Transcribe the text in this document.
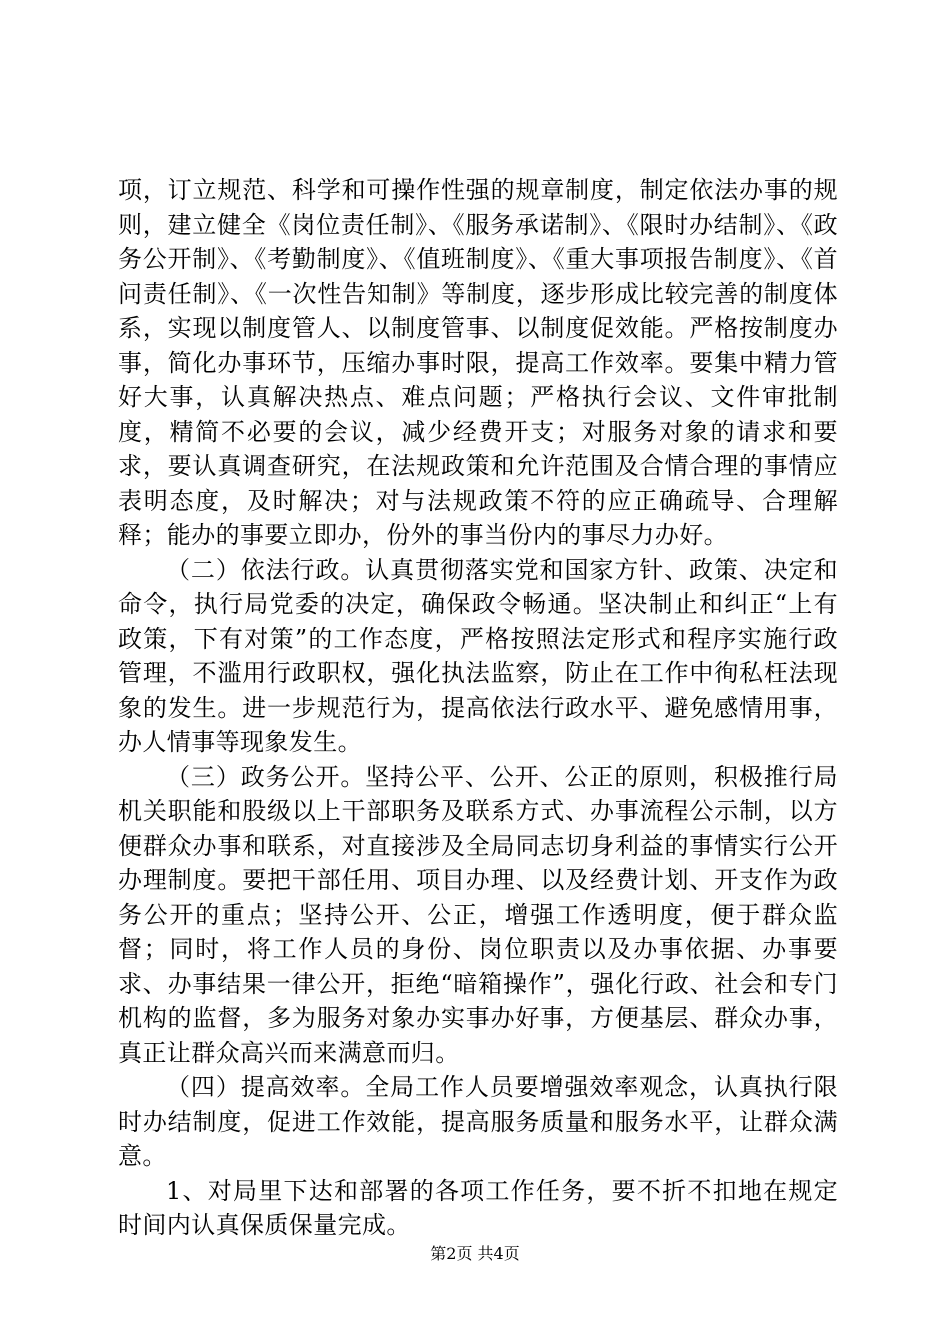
项，订立规范、科学和可操作性强的规章制度，制定依法办事的规则，建立健全《岗位责任制》、《服务承诺制》、《限时办结制》、《政务公开制》、《考勤制度》、《值班制度》、《重大事项报告制度》、《首问责任制》、《一次性告知制》等制度，逐步形成比较完善的制度体系，实现以制度管人、以制度管事、以制度促效能。严格按制度办事，简化办事环节，压缩办事时限，提高工作效率。要集中精力管好大事，认真解决热点、难点问题；严格执行会议、文件审批制度，精简不必要的会议，减少经费开支；对服务对象的请求和要求，要认真调查研究，在法规政策和允许范围及合情合理的事情应表明态度，及时解决；对与法规政策不符的应正确疏导、合理解释；能办的事要立即办，份外的事当份内的事尽力办好。

（二）依法行政。认真贯彻落实党和国家方针、政策、决定和命令，执行局党委的决定，确保政令畅通。坚决制止和纠正“上有政策，下有对策”的工作态度，严格按照法定形式和程序实施行政管理，不滥用行政职权，强化执法监察，防止在工作中徇私枉法现象的发生。进一步规范行为，提高依法行政水平、避免感情用事，办人情事等现象发生。

（三）政务公开。坚持公平、公开、公正的原则，积极推行局机关职能和股级以上干部职务及联系方式、办事流程公示制，以方便群众办事和联系，对直接涉及全局同志切身利益的事情实行公开办理制度。要把干部任用、项目办理、以及经费计划、开支作为政务公开的重点；坚持公开、公正，增强工作透明度，便于群众监督；同时，将工作人员的身份、岗位职责以及办事依据、办事要求、办事结果一律公开，拒绝“暗箱操作”，强化行政、社会和专门机构的监督，多为服务对象办实事办好事，方便基层、群众办事，真正让群众高兴而来满意而归。

（四）提高效率。全局工作人员要增强效率观念，认真执行限时办结制度，促进工作效能，提高服务质量和服务水平，让群众满意。

1、对局里下达和部署的各项工作任务，要不折不扣地在规定时间内认真保质保量完成。

第2页 共4页
